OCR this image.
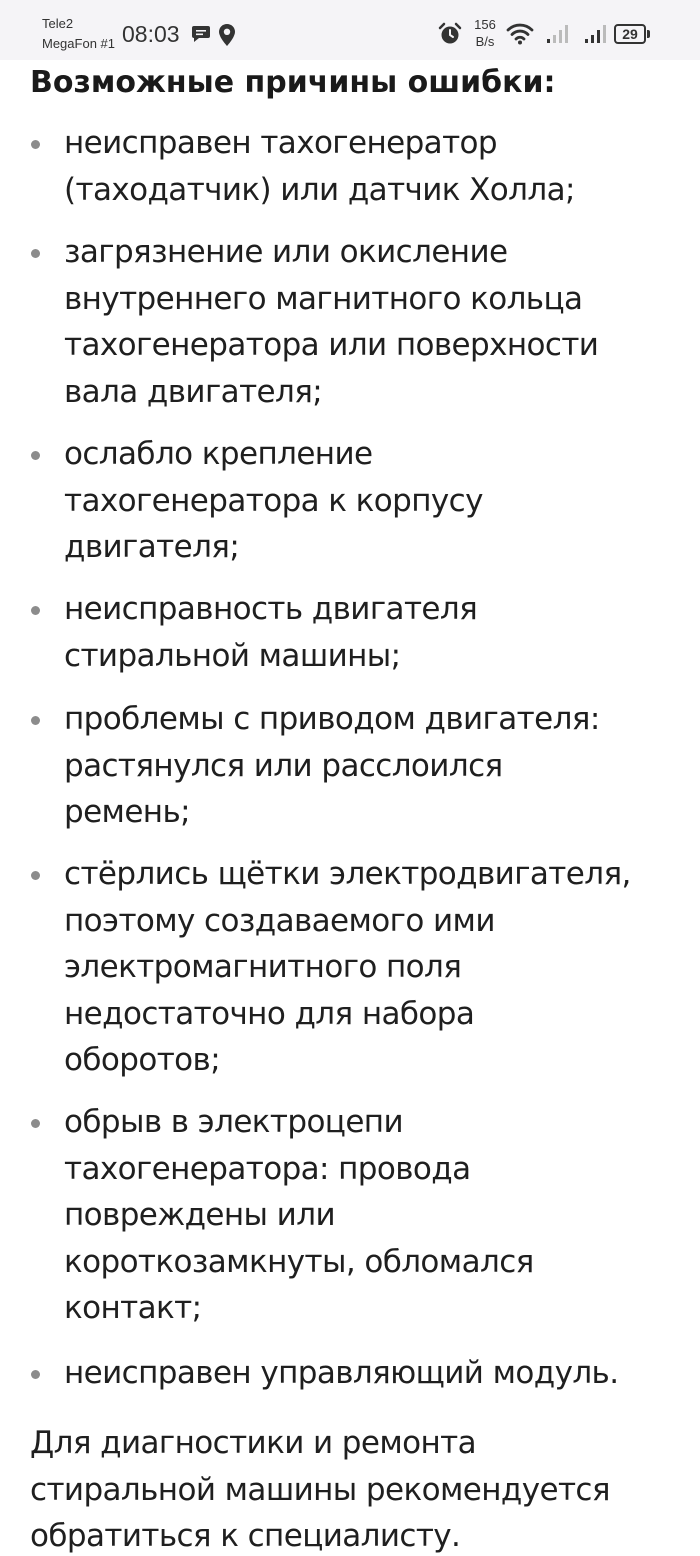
Tele2
MegaFon #1 08:03	156
B/s	29
Возможные причины ошибки:
неисправен тахогенератор
(таходатчик) или датчик Холла;
загрязнение или окисление
внутреннего магнитного кольца
тахогенератора или поверхности
вала двигателя;
ослабло крепление
тахогенератора к корпусу
двигателя;
неисправность двигателя
стиральной машины;
проблемы с приводом двигателя:
растянулся или расслоился
ремень;
стёрлись щётки электродвигателя,
поэтому создаваемого ими
электромагнитного поля
недостаточно для набора
оборотов;
обрыв в электроцепи
тахогенератора: провода
повреждены или
короткозамкнуты, обломался
контакт;
неисправен управляющий модуль.

Для диагностики и ремонта
стиральной машины рекомендуется
обратиться к специалисту.
